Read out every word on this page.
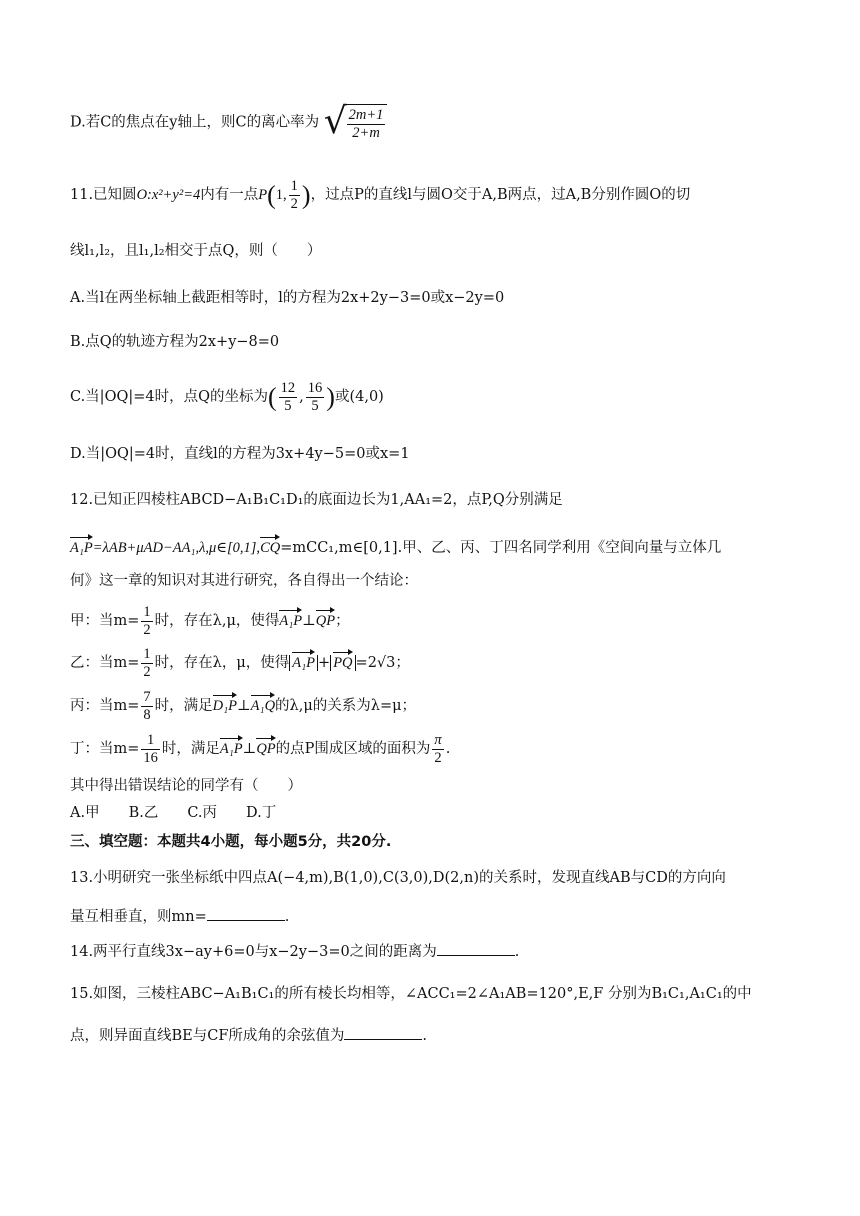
D.若C的焦点在y轴上，则C的离心率为 √ $\frac{2m+1}{2+m}$
11.已知圆O:x²+y²=4内有一点P(1, $\frac{1}{2}$ )，过点P的直线l与圆O交于A,B两点，过A,B分别作圆O的切
线l₁,l₂，且l₁,l₂相交于点Q，则（　　）
A.当l在两坐标轴上截距相等时，l的方程为2x+2y−3=0或x−2y=0
B.点Q的轨迹方程为2x+y−8=0
C.当|OQ|=4时，点Q的坐标为( $\frac{12}{5}$ , $\frac{16}{5}$ )或(4,0)
D.当|OQ|=4时，直线l的方程为3x+4y−5=0或x=1
12.已知正四棱柱ABCD−A₁B₁C₁D₁的底面边长为1,AA₁=2，点P,Q分别满足
A₁P=λAB+μAD−AA₁,λ,μ∈[0,1],CQ=mCC₁,m∈[0,1].甲、乙、丙、丁四名同学利用《空间向量与立体几
何》这一章的知识对其进行研究，各自得出一个结论：
甲：当$m= \frac{1}{2}$ 时，存在λ,μ，使得A₁P⊥QP；
乙：当$m= \frac{1}{2}$ 时，存在λ，μ，使得 A₁P + PQ =2√3；
丙：当$m= \frac{7}{8}$ 时，满足D₁P⊥A₁Q的λ,μ的关系为λ=μ；
丁：当$m= \frac{1}{16}$ 时，满足A₁P⊥QP的点P围成区域的面积为 $\frac{\pi}{2}$ .
其中得出错误结论的同学有（　　）
A.甲　　B.乙　　C.丙　　D.丁
三、填空题：本题共4小题，每小题5分，共20分.
13.小明研究一张坐标纸中四点A(−4,m),B(1,0),C(3,0),D(2,n)的关系时，发现直线AB与CD的方向向
量互相垂直，则mn=	.
14.两平行直线3x−ay+6=0与x−2y−3=0之间的距离为	.
15.如图，三棱柱ABC−A₁B₁C₁的所有棱长均相等，∠ACC₁=2∠A₁AB=120°,E,F 分别为B₁C₁,A₁C₁的中
点，则异面直线BE与CF所成角的余弦值为	.
